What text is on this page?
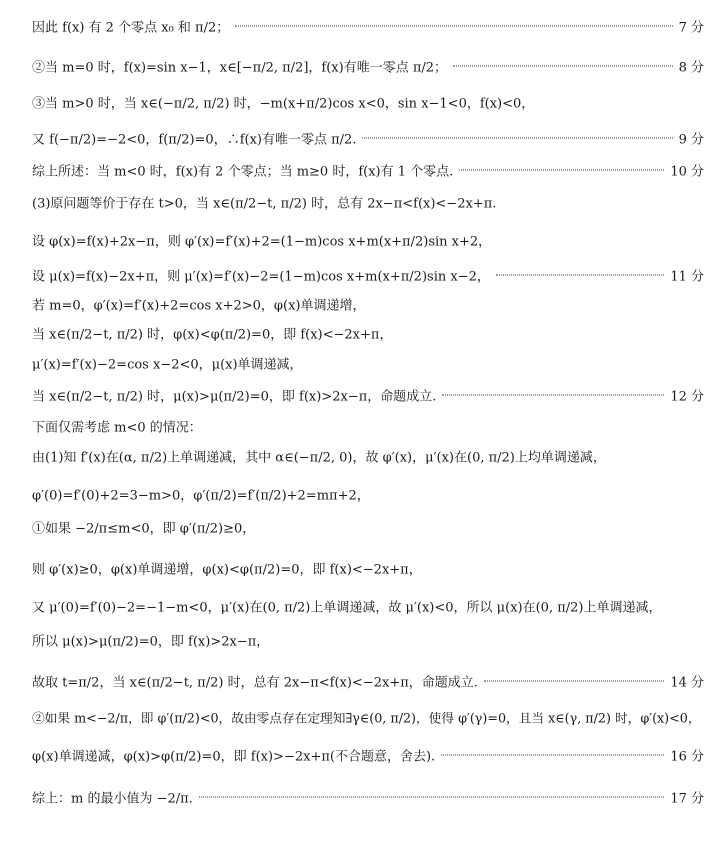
因此 f(x) 有 2 个零点 x₀ 和 π/2；	7 分
②当 m=0 时，f(x)=sin x−1，x∈[−π/2, π/2]，f(x)有唯一零点 π/2；	8 分
③当 m>0 时，当 x∈(−π/2, π/2) 时，−m(x+π/2)cos x<0，sin x−1<0，f(x)<0，
又 f(−π/2)=−2<0，f(π/2)=0，∴f(x)有唯一零点 π/2.	9 分
综上所述：当 m<0 时，f(x)有 2 个零点；当 m≥0 时，f(x)有 1 个零点.	10 分
(3)原问题等价于存在 t>0，当 x∈(π/2−t, π/2) 时，总有 2x−π<f(x)<−2x+π.
设 φ(x)=f(x)+2x−π，则 φ′(x)=f′(x)+2=(1−m)cos x+m(x+π/2)sin x+2，
设 μ(x)=f(x)−2x+π，则 μ′(x)=f′(x)−2=(1−m)cos x+m(x+π/2)sin x−2，	11 分
若 m=0，φ′(x)=f′(x)+2=cos x+2>0，φ(x)单调递增，
当 x∈(π/2−t, π/2) 时，φ(x)<φ(π/2)=0，即 f(x)<−2x+π，
μ′(x)=f′(x)−2=cos x−2<0，μ(x)单调递减，
当 x∈(π/2−t, π/2) 时，μ(x)>μ(π/2)=0，即 f(x)>2x−π，命题成立.	12 分
下面仅需考虑 m<0 的情况：
由(1)知 f′(x)在(α, π/2)上单调递减，其中 α∈(−π/2, 0)，故 φ′(x)，μ′(x)在(0, π/2)上均单调递减，
φ′(0)=f′(0)+2=3−m>0，φ′(π/2)=f′(π/2)+2=mπ+2，
①如果 −2/π≤m<0，即 φ′(π/2)≥0，
则 φ′(x)≥0，φ(x)单调递增，φ(x)<φ(π/2)=0，即 f(x)<−2x+π，
又 μ′(0)=f′(0)−2=−1−m<0，μ′(x)在(0, π/2)上单调递减，故 μ′(x)<0，所以 μ(x)在(0, π/2)上单调递减，
所以 μ(x)>μ(π/2)=0，即 f(x)>2x−π，
故取 t=π/2，当 x∈(π/2−t, π/2) 时，总有 2x−π<f(x)<−2x+π，命题成立.	14 分
②如果 m<−2/π，即 φ′(π/2)<0，故由零点存在定理知∃γ∈(0, π/2)，使得 φ′(γ)=0，且当 x∈(γ, π/2) 时，φ′(x)<0，
φ(x)单调递减，φ(x)>φ(π/2)=0，即 f(x)>−2x+π(不合题意，舍去).	16 分
综上：m 的最小值为 −2/π.	17 分
